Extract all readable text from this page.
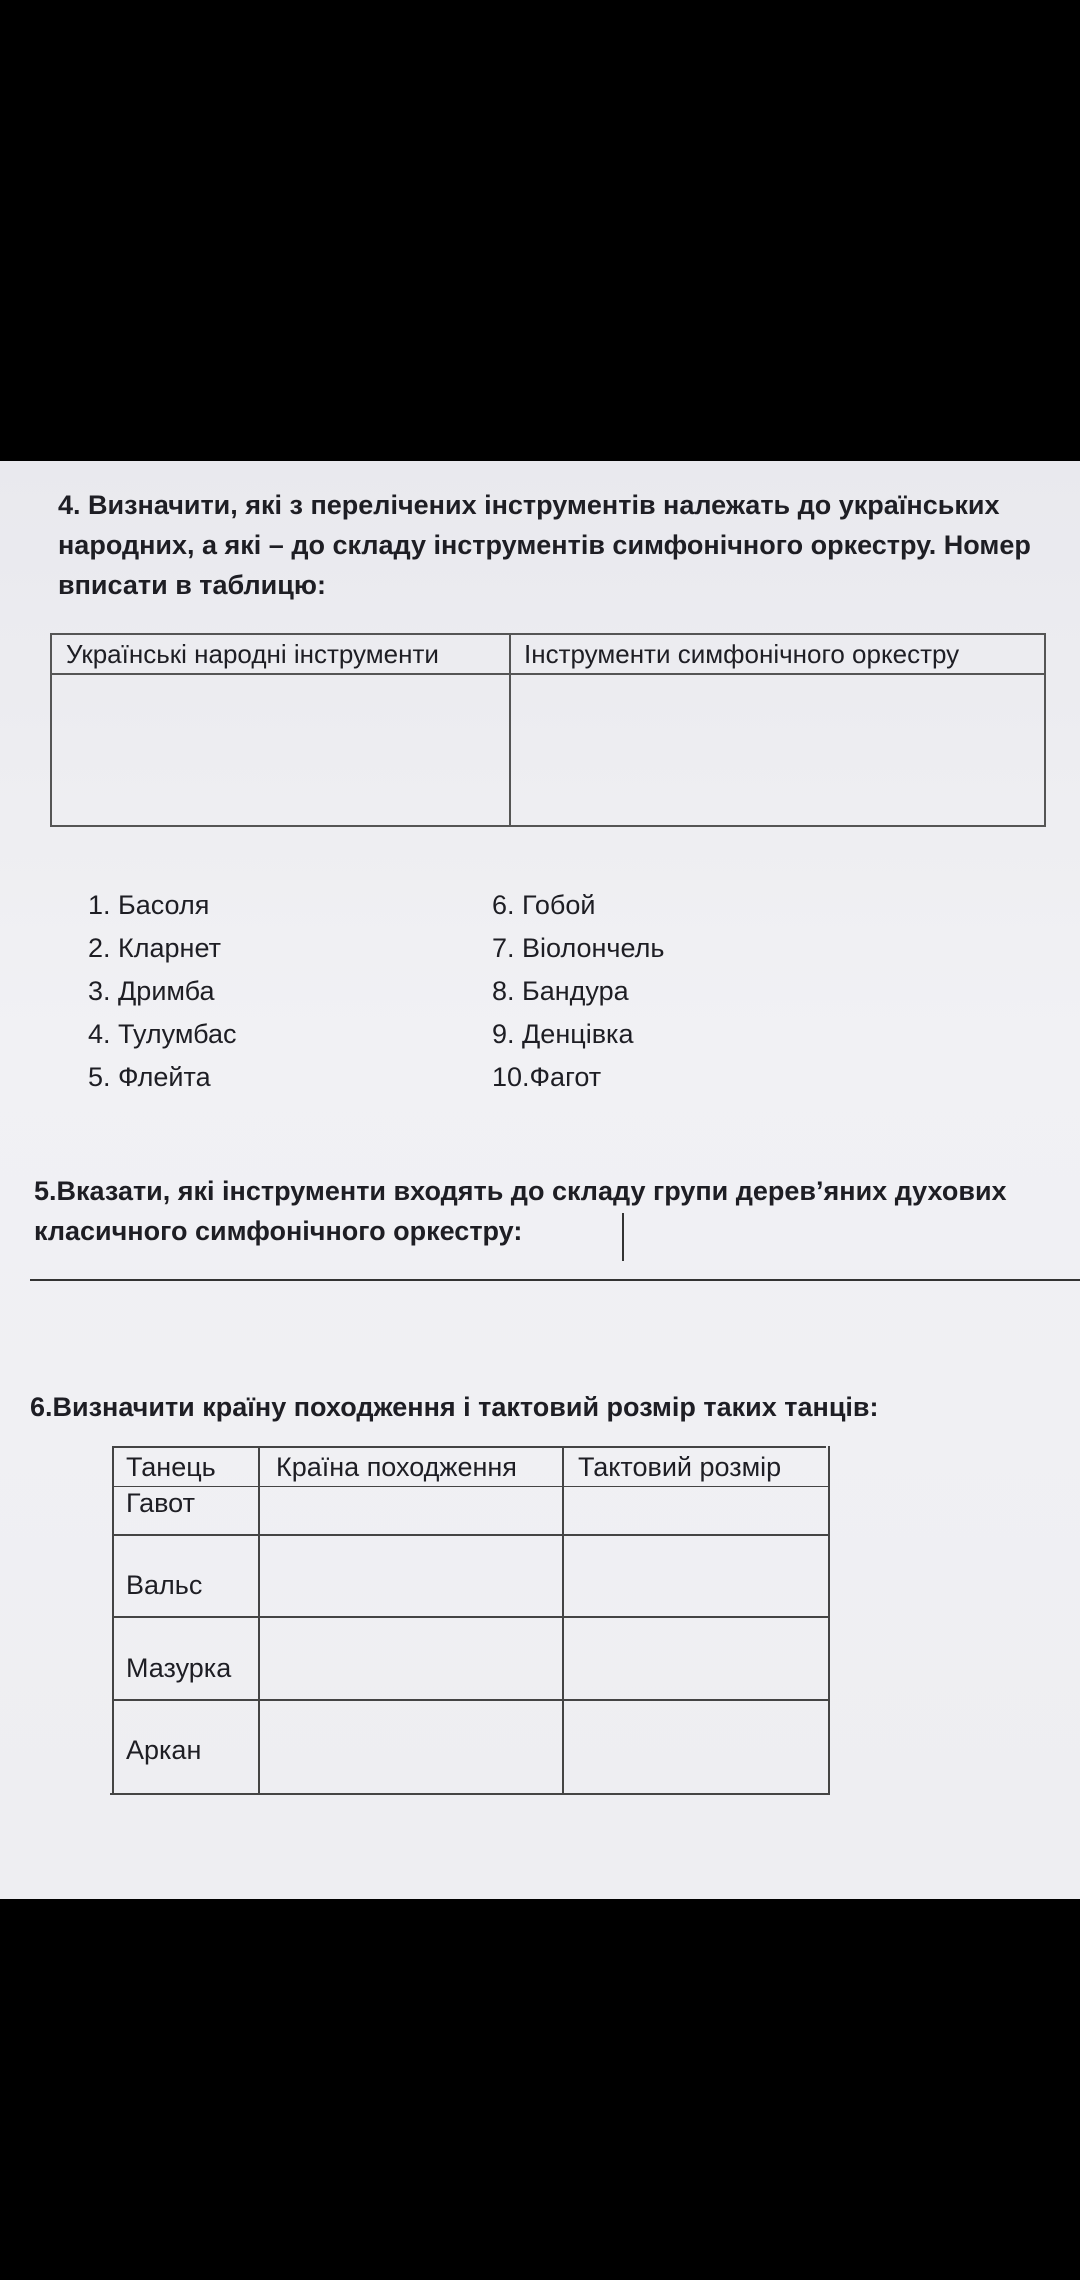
4. Визначити, які з перелічених інструментів належать до українських
народних, а які – до складу інструментів симфонічного оркестру. Номер
вписати в таблицю:
Українські народні інструменти	Інструменти симфонічного оркестру
1. Басоля
2. Кларнет
3. Дримба
4. Тулумбас
5. Флейта
6. Гобой
7. Віолончель
8. Бандура
9. Денцівка
10.Фагот
5.Вказати, які інструменти входять до складу групи дерев’яних духових
класичного симфонічного оркестру:
6.Визначити країну походження і тактовий розмір таких танців:
Танець Країна походження Тактовий розмір
Гавот
Вальс
Мазурка
Аркан
